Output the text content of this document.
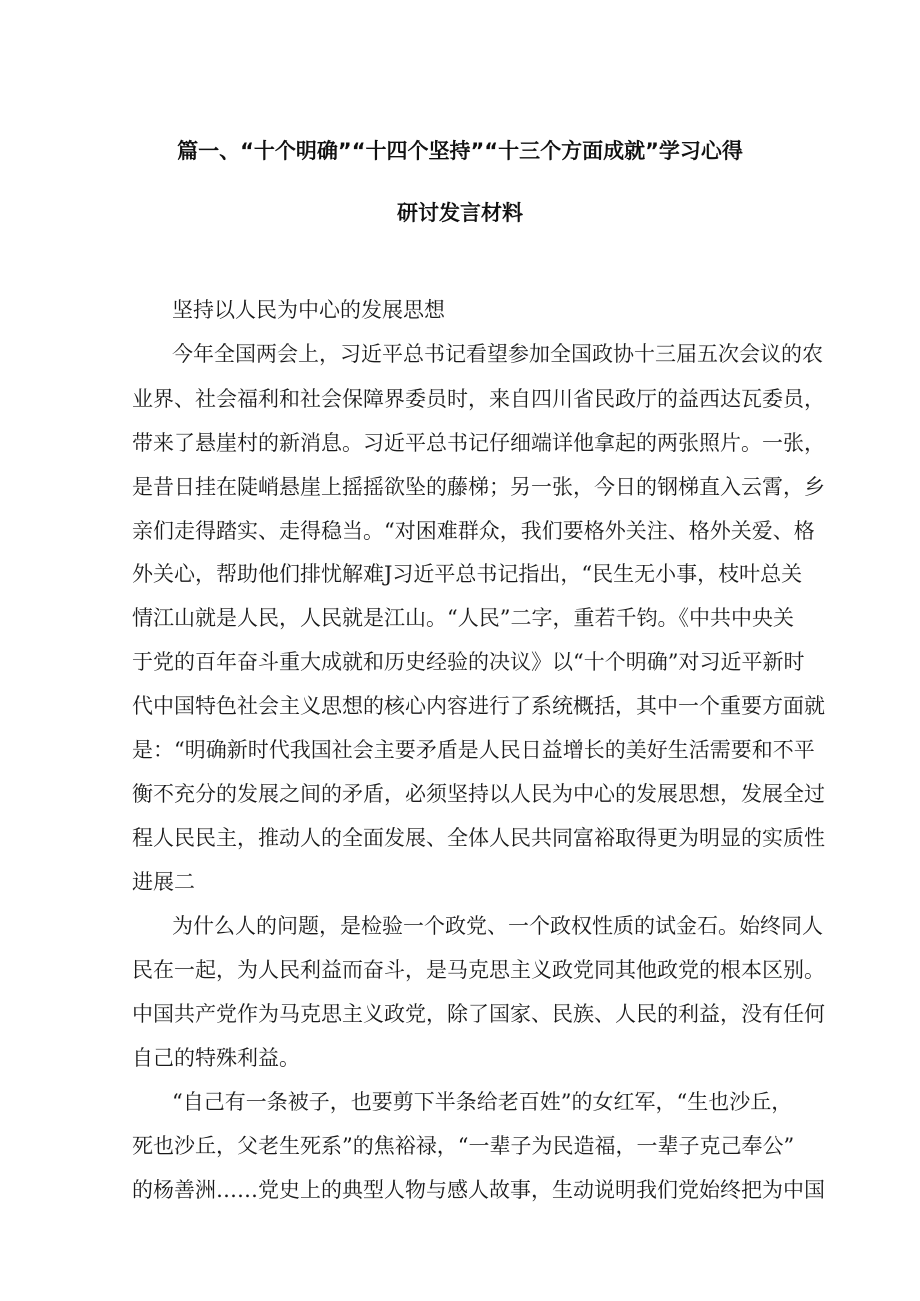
篇一、“十个明确”“十四个坚持”“十三个方面成就”学习心得
研讨发言材料
坚持以人民为中心的发展思想
今年全国两会上，习近平总书记看望参加全国政协十三届五次会议的农
业界、社会福利和社会保障界委员时，来自四川省民政厅的益西达瓦委员，
带来了悬崖村的新消息。习近平总书记仔细端详他拿起的两张照片。一张，
是昔日挂在陡峭悬崖上摇摇欲坠的藤梯；另一张，今日的钢梯直入云霄，乡
亲们走得踏实、走得稳当。“对困难群众，我们要格外关注、格外关爱、格
外关心，帮助他们排忧解难J习近平总书记指出，“民生无小事，枝叶总关
情江山就是人民，人民就是江山。“人民”二字，重若千钧。《中共中央关
于党的百年奋斗重大成就和历史经验的决议》以“十个明确”对习近平新时
代中国特色社会主义思想的核心内容进行了系统概括，其中一个重要方面就
是：“明确新时代我国社会主要矛盾是人民日益增长的美好生活需要和不平
衡不充分的发展之间的矛盾，必须坚持以人民为中心的发展思想，发展全过
程人民民主，推动人的全面发展、全体人民共同富裕取得更为明显的实质性
进展二
为什么人的问题，是检验一个政党、一个政权性质的试金石。始终同人
民在一起，为人民利益而奋斗，是马克思主义政党同其他政党的根本区别。
中国共产党作为马克思主义政党，除了国家、民族、人民的利益，没有任何
自己的特殊利益。
“自己有一条被子，也要剪下半条给老百姓”的女红军，“生也沙丘，
死也沙丘，父老生死系”的焦裕禄，“一辈子为民造福，一辈子克己奉公”
的杨善洲……党史上的典型人物与感人故事，生动说明我们党始终把为中国
